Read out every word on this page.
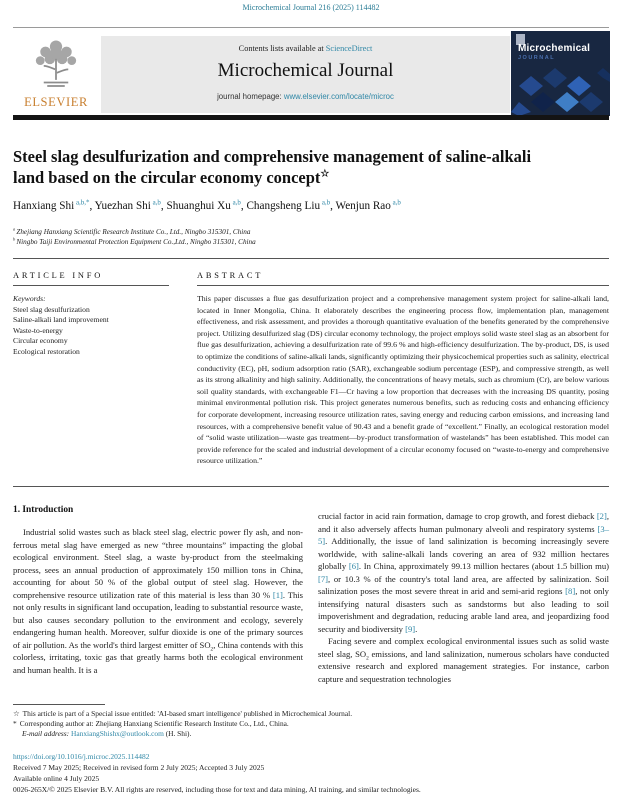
Microchemical Journal 216 (2025) 114482
ELSEVIER
Contents lists available at ScienceDirect
Microchemical Journal
journal homepage: www.elsevier.com/locate/microc
Microchemical
JOURNAL
Steel slag desulfurization and comprehensive management of saline-alkali land based on the circular economy concept☆
Hanxiang Shi $^{a,b,*}$, Yuezhan Shi $^{a,b}$, Shuanghui Xu $^{a,b}$, Changsheng Liu $^{a,b}$, Wenjun Rao $^{a,b}$
$^a$ Zhejiang Hanxiang Scientific Research Institute Co., Ltd., Ningbo 315301, China
$^b$ Ningbo Taiji Environmental Protection Equipment Co.,Ltd., Ningbo 315301, China
ARTICLE INFO
Keywords:
Steel slag desulfurization
Saline-alkali land improvement
Waste-to-energy
Circular economy
Ecological restoration
ABSTRACT
This paper discusses a flue gas desulfurization project and a comprehensive management system project for saline-alkali land, located in Inner Mongolia, China. It elaborately describes the engineering process flow, implementation plan, management effectiveness, and risk assessment, and provides a thorough quantitative evaluation of the benefits generated by the comprehensive project. Utilizing desulfurized slag (DS) circular economy technology, the project employs solid waste steel slag as an absorbent for flue gas desulfurization, achieving a desulfurization rate of 99.6 % and high-efficiency desulfurization. The by-product, DS, is used to optimize the conditions of saline-alkali lands, significantly optimizing their physicochemical properties such as salinity, electrical conductivity (EC), pH, sodium adsorption ratio (SAR), exchangeable sodium percentage (ESP), and compressive strength, as well as its strong alkalinity and high salinity. Additionally, the concentrations of heavy metals, such as chromium (Cr), are below various soil quality standards, with exchangeable F1—Cr having a low proportion that decreases with the increasing DS quantity, posing minimal environmental pollution risk. This project generates numerous benefits, such as reducing costs and enhancing efficiency for corporate development, increasing resource utilization rates, saving energy and reducing carbon emissions, and increasing land resources, with a comprehensive benefit value of 90.43 and a benefit grade of “excellent.” Finally, an ecological restoration model of “solid waste utilization—waste gas treatment—by-product transformation of wastelands” has been established. This model can provide reference for the scaled and industrial development of a circular economy focused on “waste-to-energy and comprehensive resource utilization.”
1. Introduction

Industrial solid wastes such as black steel slag, electric power fly ash, and non-ferrous metal slag have emerged as new “three mountains” impacting the global ecological environment. Steel slag, a waste by-product from the steelmaking process, sees an annual production of approximately 150 million tons in China, accounting for about 50 % of the global output of steel slag. However, the comprehensive resource utilization rate of this material is less than 30 % [1]. This not only results in significant land occupation, leading to substantial resource waste, but also causes secondary pollution to the environment and ecology, severely endangering human health. Moreover, sulfur dioxide is one of the primary sources of air pollution. As the world's third largest emitter of $SO_2$, China contends with this colorless, irritating, toxic gas that greatly harms both the ecological environment and human health. It is a

crucial factor in acid rain formation, damage to crop growth, and forest dieback [2], and it also adversely affects human pulmonary alveoli and respiratory systems [3–5]. Additionally, the issue of land salinization is becoming increasingly severe worldwide, with saline-alkali lands covering an area of 932 million hectares globally [6]. In China, approximately 99.13 million hectares (about 1.5 billion mu) [7], or 10.3 % of the country's total land area, are affected by salinization. Soil salinization poses the most severe threat in arid and semi-arid regions [8], not only intensifying natural disasters such as sandstorms but also leading to soil impoverishment and degradation, reducing arable land area, and jeopardizing food security and biodiversity [9].

Facing severe and complex ecological environmental issues such as solid waste steel slag, $SO_2$ emissions, and land salinization, numerous scholars have conducted extensive research and explored management strategies. For instance, carbon capture and sequestration technologies

☆ This article is part of a Special issue entitled: 'AI-based smart intelligence' published in Microchemical Journal.
* Corresponding author at: Zhejiang Hanxiang Scientific Research Institute Co., Ltd., China.
E-mail address: HanxiangShishx@outlook.com (H. Shi).
https://doi.org/10.1016/j.microc.2025.114482
Received 7 May 2025; Received in revised form 2 July 2025; Accepted 3 July 2025
Available online 4 July 2025
0026-265X/© 2025 Elsevier B.V. All rights are reserved, including those for text and data mining, AI training, and similar technologies.
